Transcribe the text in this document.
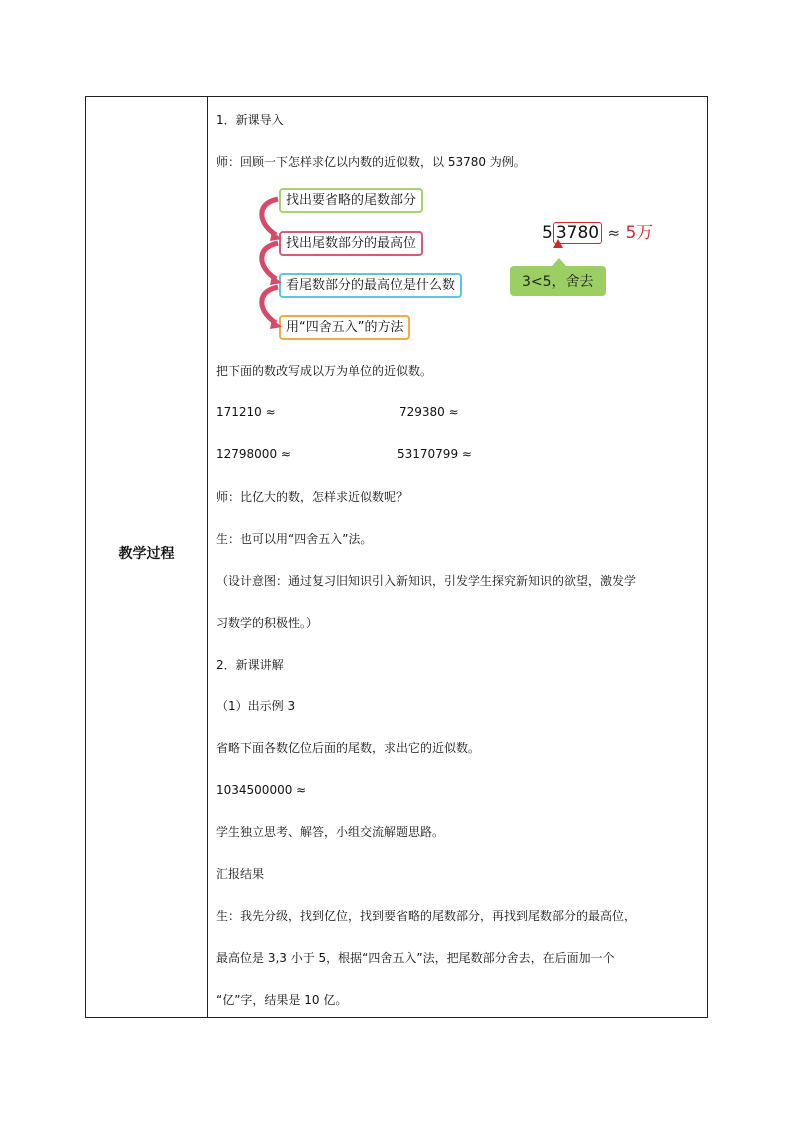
教学过程
1．新课导入
师：回顾一下怎样求亿以内数的近似数，以 53780 为例。
找出要省略的尾数部分
找出尾数部分的最高位
看尾数部分的最高位是什么数
用“四舍五入”的方法
5 3780 ≈ 5万
3<5，舍去
把下面的数改写成以万为单位的近似数。
171210 ≈	729380 ≈
12798000 ≈	53170799 ≈
师：比亿大的数，怎样求近似数呢？
生：也可以用“四舍五入”法。
（设计意图：通过复习旧知识引入新知识，引发学生探究新知识的欲望，激发学
习数学的积极性。）
2．新课讲解
（1）出示例 3
省略下面各数亿位后面的尾数，求出它的近似数。
1034500000 ≈
学生独立思考、解答，小组交流解题思路。
汇报结果
生：我先分级，找到亿位，找到要省略的尾数部分，再找到尾数部分的最高位，
最高位是 3,3 小于 5，根据“四舍五入”法，把尾数部分舍去，在后面加一个
“亿”字，结果是 10 亿。
